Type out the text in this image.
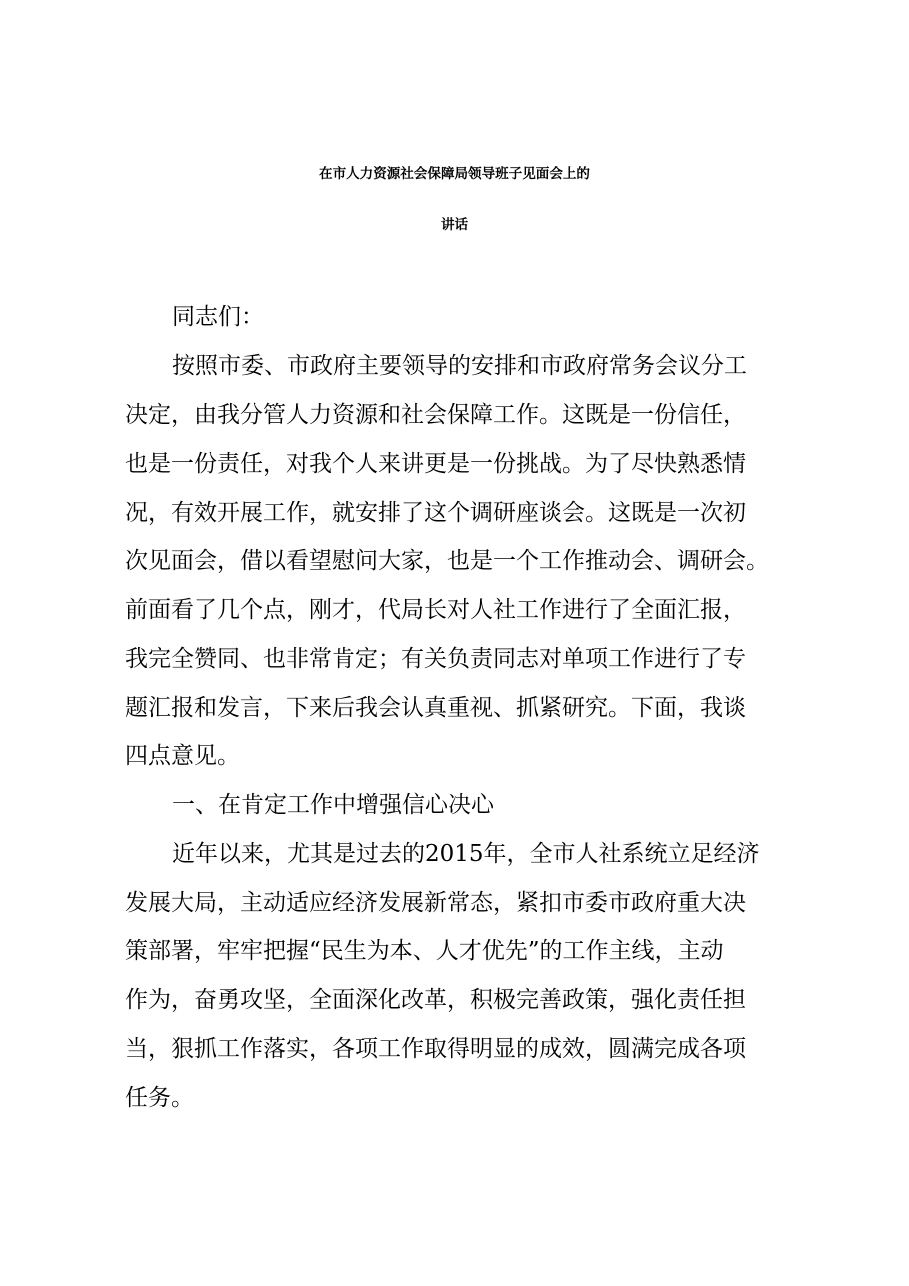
在市人力资源社会保障局领导班子见面会上的
讲话

同志们：

按照市委、市政府主要领导的安排和市政府常务会议分工

决定，由我分管人力资源和社会保障工作。这既是一份信任，

也是一份责任，对我个人来讲更是一份挑战。为了尽快熟悉情

况，有效开展工作，就安排了这个调研座谈会。这既是一次初

次见面会，借以看望慰问大家，也是一个工作推动会、调研会。

前面看了几个点，刚才，代局长对人社工作进行了全面汇报，

我完全赞同、也非常肯定；有关负责同志对单项工作进行了专

题汇报和发言，下来后我会认真重视、抓紧研究。下面，我谈

四点意见。

一、在肯定工作中增强信心决心

近年以来，尤其是过去的2015年，全市人社系统立足经济

发展大局，主动适应经济发展新常态，紧扣市委市政府重大决

策部署，牢牢把握“民生为本、人才优先”的工作主线，主动

作为，奋勇攻坚，全面深化改革，积极完善政策，强化责任担

当，狠抓工作落实，各项工作取得明显的成效，圆满完成各项

任务。
